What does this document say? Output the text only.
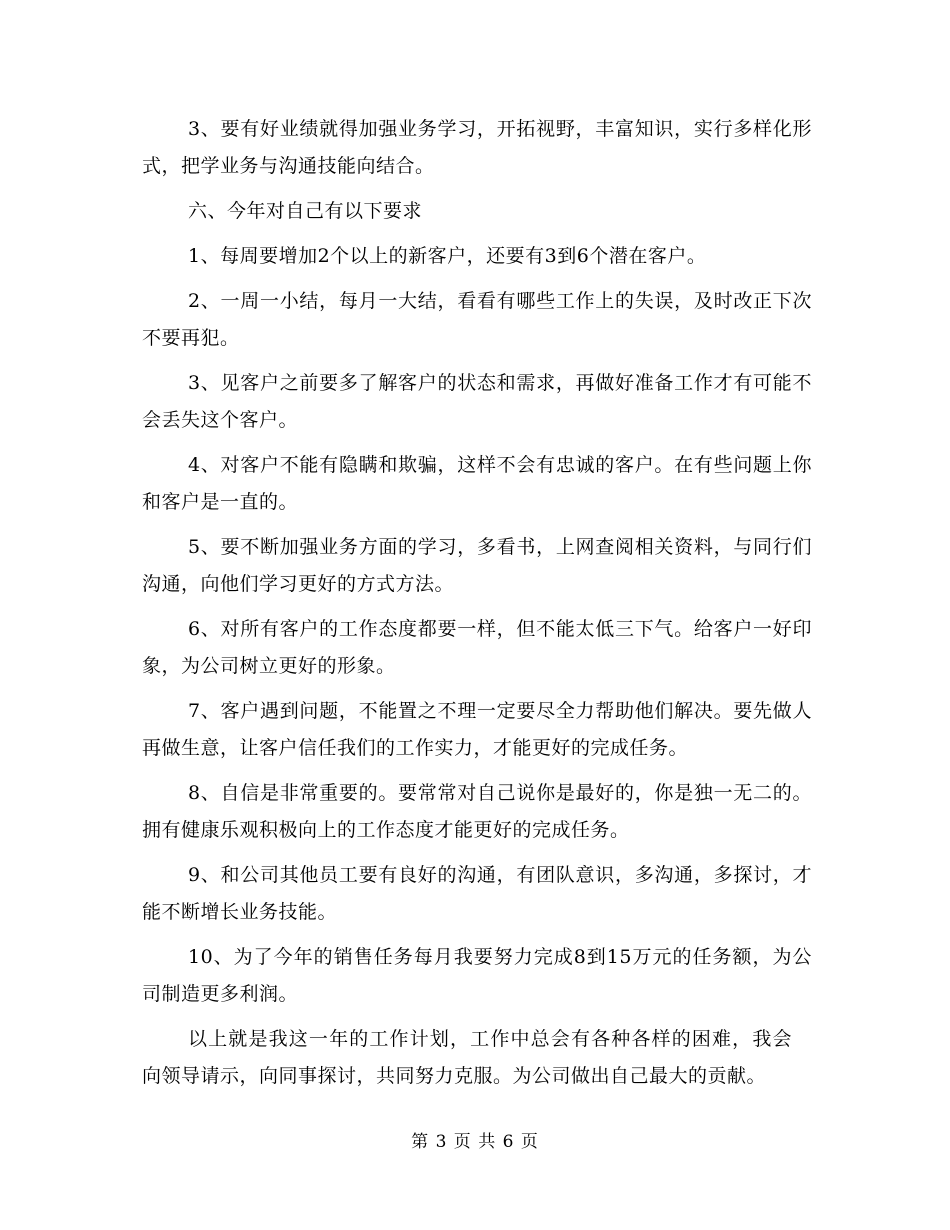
3、要有好业绩就得加强业务学习，开拓视野，丰富知识，实行多样化形式，把学业务与沟通技能向结合。

六、今年对自己有以下要求

1、每周要增加2个以上的新客户，还要有3到6个潜在客户。

2、一周一小结，每月一大结，看看有哪些工作上的失误，及时改正下次不要再犯。

3、见客户之前要多了解客户的状态和需求，再做好准备工作才有可能不会丢失这个客户。

4、对客户不能有隐瞒和欺骗，这样不会有忠诚的客户。在有些问题上你和客户是一直的。

5、要不断加强业务方面的学习，多看书，上网查阅相关资料，与同行们沟通，向他们学习更好的方式方法。

6、对所有客户的工作态度都要一样，但不能太低三下气。给客户一好印象，为公司树立更好的形象。

7、客户遇到问题，不能置之不理一定要尽全力帮助他们解决。要先做人再做生意，让客户信任我们的工作实力，才能更好的完成任务。

8、自信是非常重要的。要常常对自己说你是最好的，你是独一无二的。拥有健康乐观积极向上的工作态度才能更好的完成任务。

9、和公司其他员工要有良好的沟通，有团队意识，多沟通，多探讨，才能不断增长业务技能。

10、为了今年的销售任务每月我要努力完成8到15万元的任务额，为公司制造更多利润。

以上就是我这一年的工作计划，工作中总会有各种各样的困难，我会向领导请示，向同事探讨，共同努力克服。为公司做出自己最大的贡献。

第 3 页 共 6 页
